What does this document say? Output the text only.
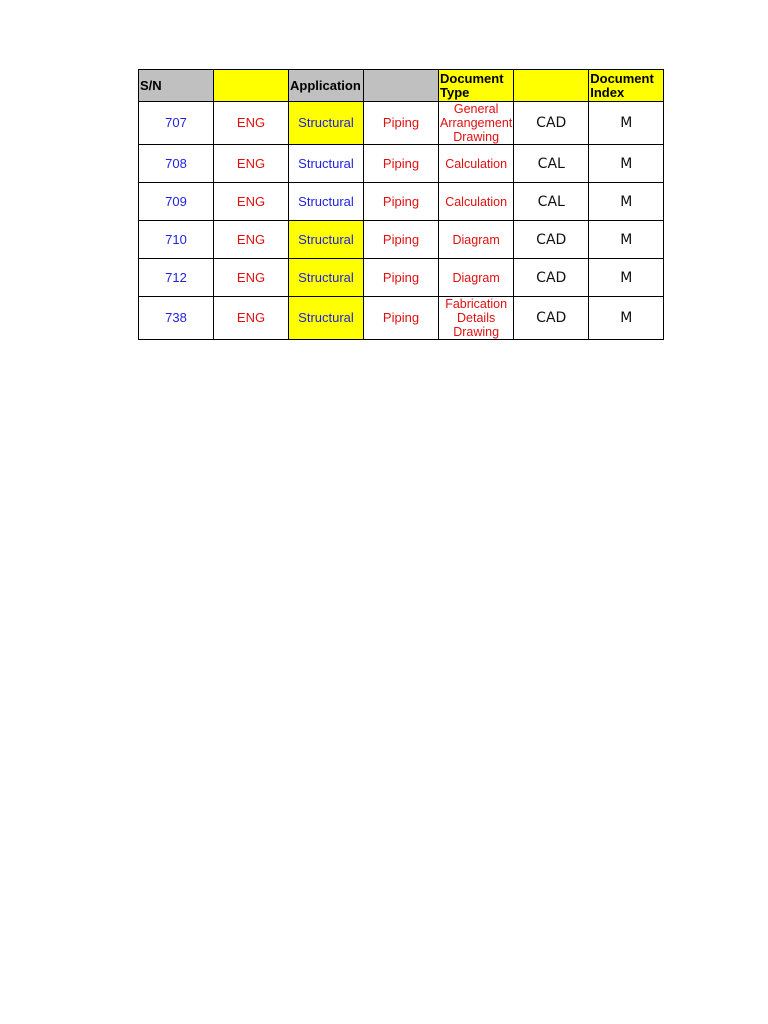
S/N		Application		Document Type		Document Index
707	ENG	Structural	Piping	General Arrangement Drawing	CAD	M
708	ENG	Structural	Piping	Calculation	CAL	M
709	ENG	Structural	Piping	Calculation	CAL	M
710	ENG	Structural	Piping	Diagram	CAD	M
712	ENG	Structural	Piping	Diagram	CAD	M
738	ENG	Structural	Piping	Fabrication Details Drawing	CAD	M
